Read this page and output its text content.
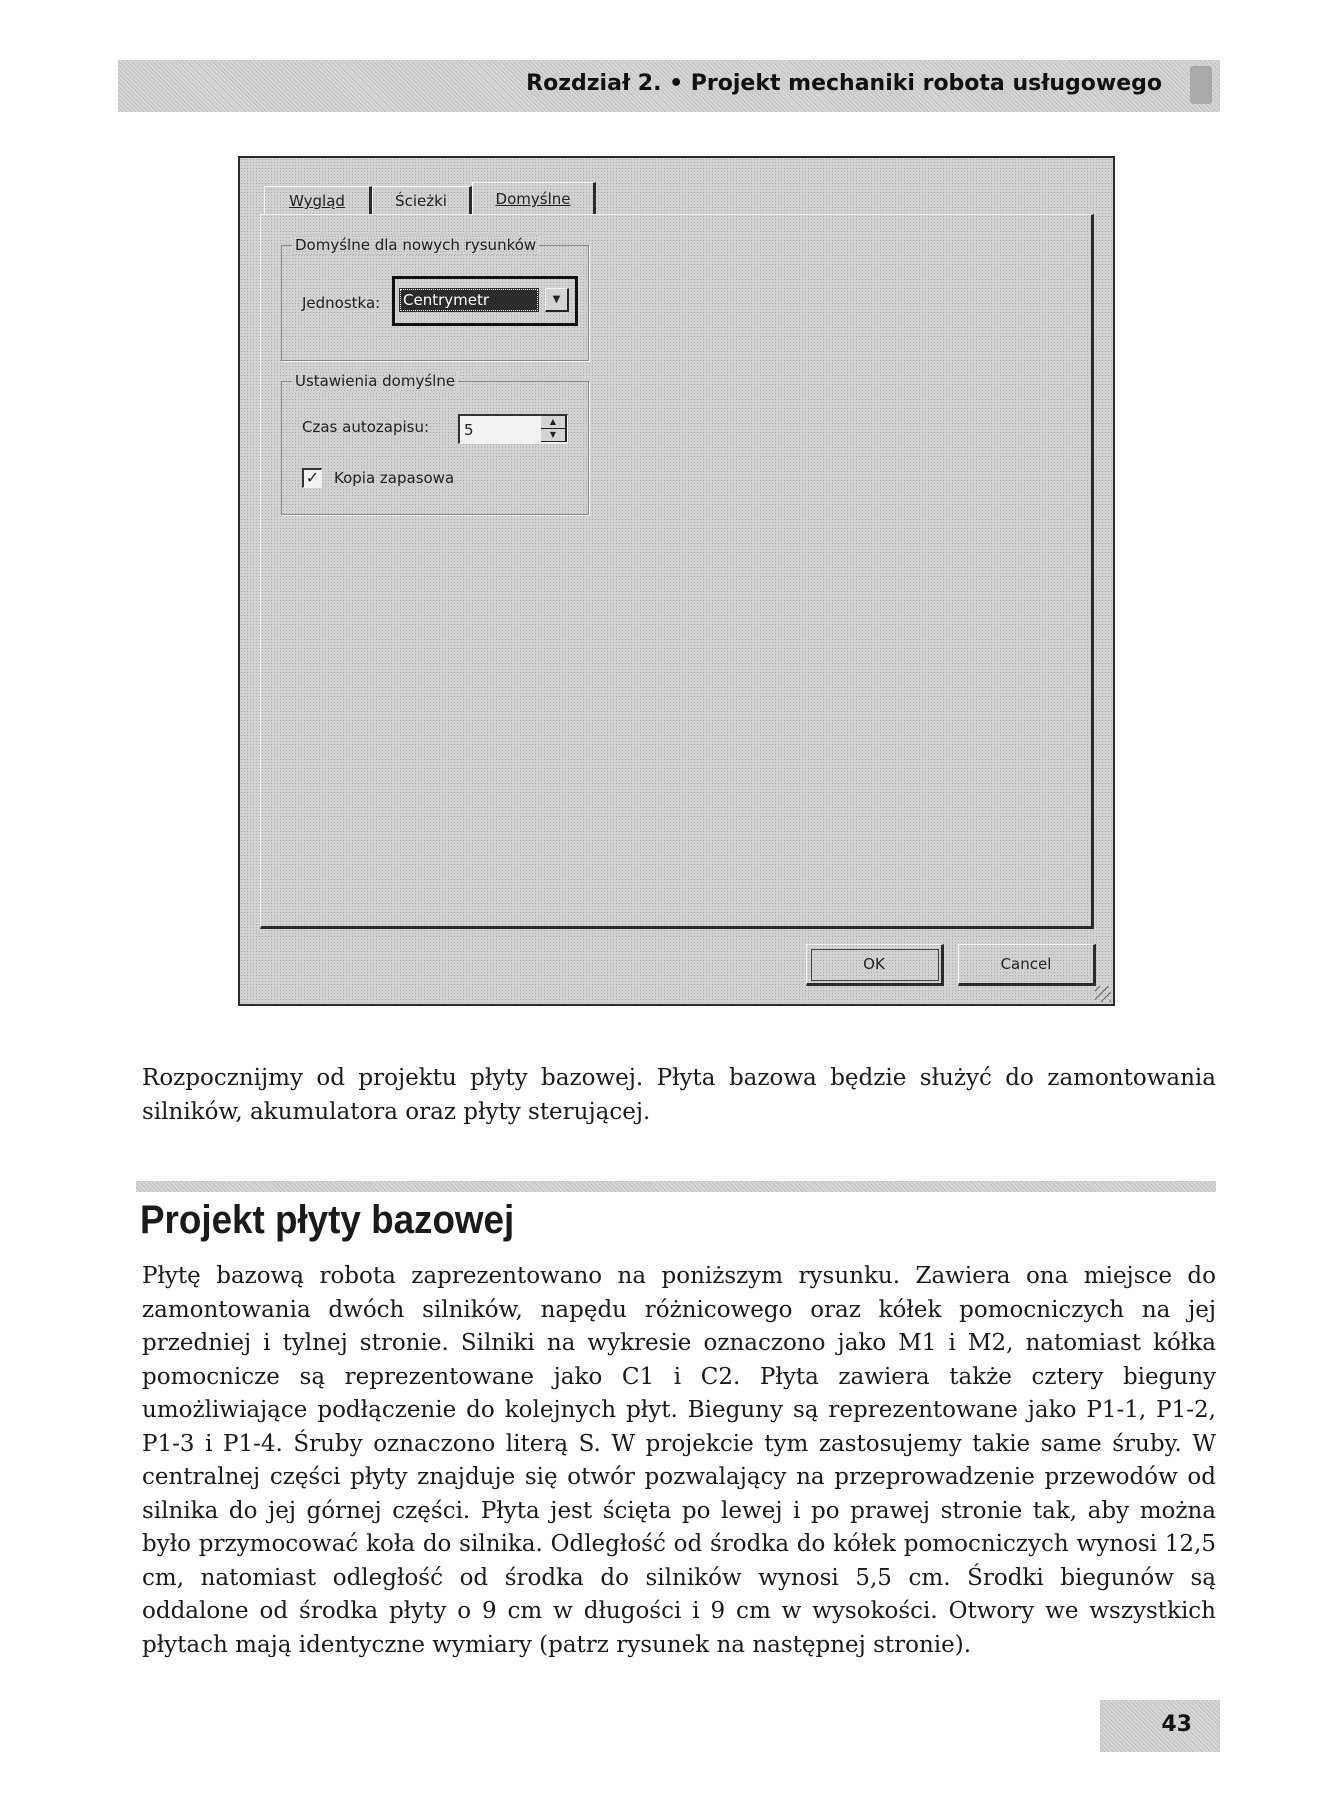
Rozdział 2. • Projekt mechaniki robota usługowego
Wygląd	Ścieżki	Domyślne
Domyślne dla nowych rysunków
Jednostka: Centrymetr	▼
Ustawienia domyślne
Czas autozapisu: 5	▲
▼
✓ Kopia zapasowa
OK	Cancel

Rozpocznijmy od projektu płyty bazowej. Płyta bazowa będzie służyć do zamontowania silników, akumulatora oraz płyty sterującej.

Projekt płyty bazowej

Płytę bazową robota zaprezentowano na poniższym rysunku. Zawiera ona miejsce do zamontowania dwóch silników, napędu różnicowego oraz kółek pomocniczych na jej przedniej i tylnej stronie. Silniki na wykresie oznaczono jako M1 i M2, natomiast kółka pomocnicze są reprezentowane jako C1 i C2. Płyta zawiera także cztery bieguny umożliwiające podłączenie do kolejnych płyt. Bieguny są reprezentowane jako P1-1, P1-2, P1-3 i P1-4. Śruby oznaczono literą S. W projekcie tym zastosujemy takie same śruby. W centralnej części płyty znajduje się otwór pozwalający na przeprowadzenie przewodów od silnika do jej górnej części. Płyta jest ścięta po lewej i po prawej stronie tak, aby można było przymocować koła do silnika. Odległość od środka do kółek pomocniczych wynosi 12,5 cm, natomiast odległość od środka do silników wynosi 5,5 cm. Środki biegunów są oddalone od środka płyty o 9 cm w długości i 9 cm w wysokości. Otwory we wszystkich płytach mają identyczne wymiary (patrz rysunek na następnej stronie).

43
